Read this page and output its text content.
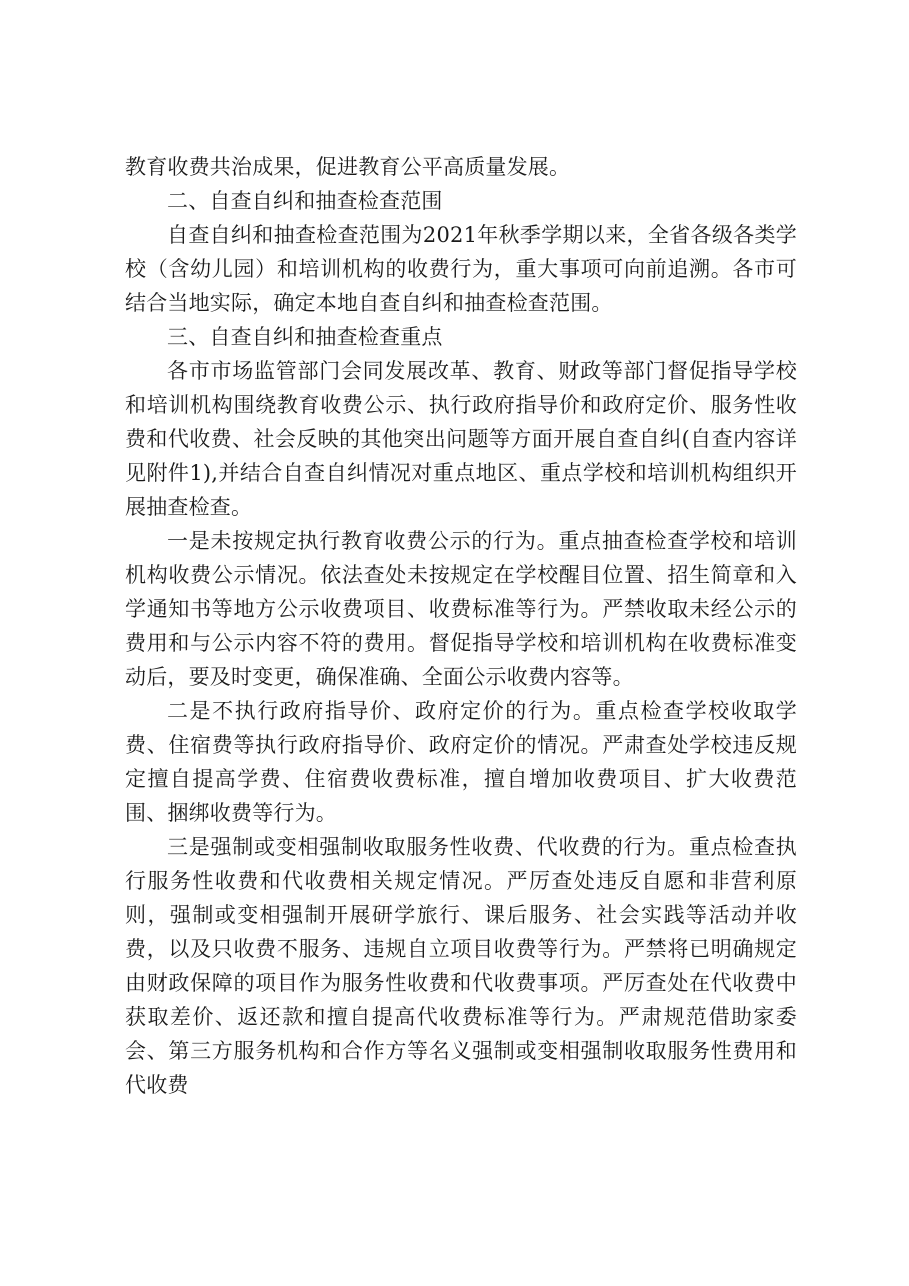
教育收费共治成果，促进教育公平高质量发展。

二、自查自纠和抽查检查范围

自查自纠和抽查检查范围为2021年秋季学期以来，全省各级各类学校（含幼儿园）和培训机构的收费行为，重大事项可向前追溯。各市可结合当地实际，确定本地自查自纠和抽查检查范围。

三、自查自纠和抽查检查重点

各市市场监管部门会同发展改革、教育、财政等部门督促指导学校和培训机构围绕教育收费公示、执行政府指导价和政府定价、服务性收费和代收费、社会反映的其他突出问题等方面开展自查自纠(自查内容详见附件1),并结合自查自纠情况对重点地区、重点学校和培训机构组织开展抽查检查。

一是未按规定执行教育收费公示的行为。重点抽查检查学校和培训机构收费公示情况。依法查处未按规定在学校醒目位置、招生简章和入学通知书等地方公示收费项目、收费标准等行为。严禁收取未经公示的费用和与公示内容不符的费用。督促指导学校和培训机构在收费标准变动后，要及时变更，确保准确、全面公示收费内容等。

二是不执行政府指导价、政府定价的行为。重点检查学校收取学费、住宿费等执行政府指导价、政府定价的情况。严肃查处学校违反规定擅自提高学费、住宿费收费标准，擅自增加收费项目、扩大收费范围、捆绑收费等行为。

三是强制或变相强制收取服务性收费、代收费的行为。重点检查执行服务性收费和代收费相关规定情况。严厉查处违反自愿和非营利原则，强制或变相强制开展研学旅行、课后服务、社会实践等活动并收费，以及只收费不服务、违规自立项目收费等行为。严禁将已明确规定由财政保障的项目作为服务性收费和代收费事项。严厉查处在代收费中获取差价、返还款和擅自提高代收费标准等行为。严肃规范借助家委会、第三方服务机构和合作方等名义强制或变相强制收取服务性费用和代收费
